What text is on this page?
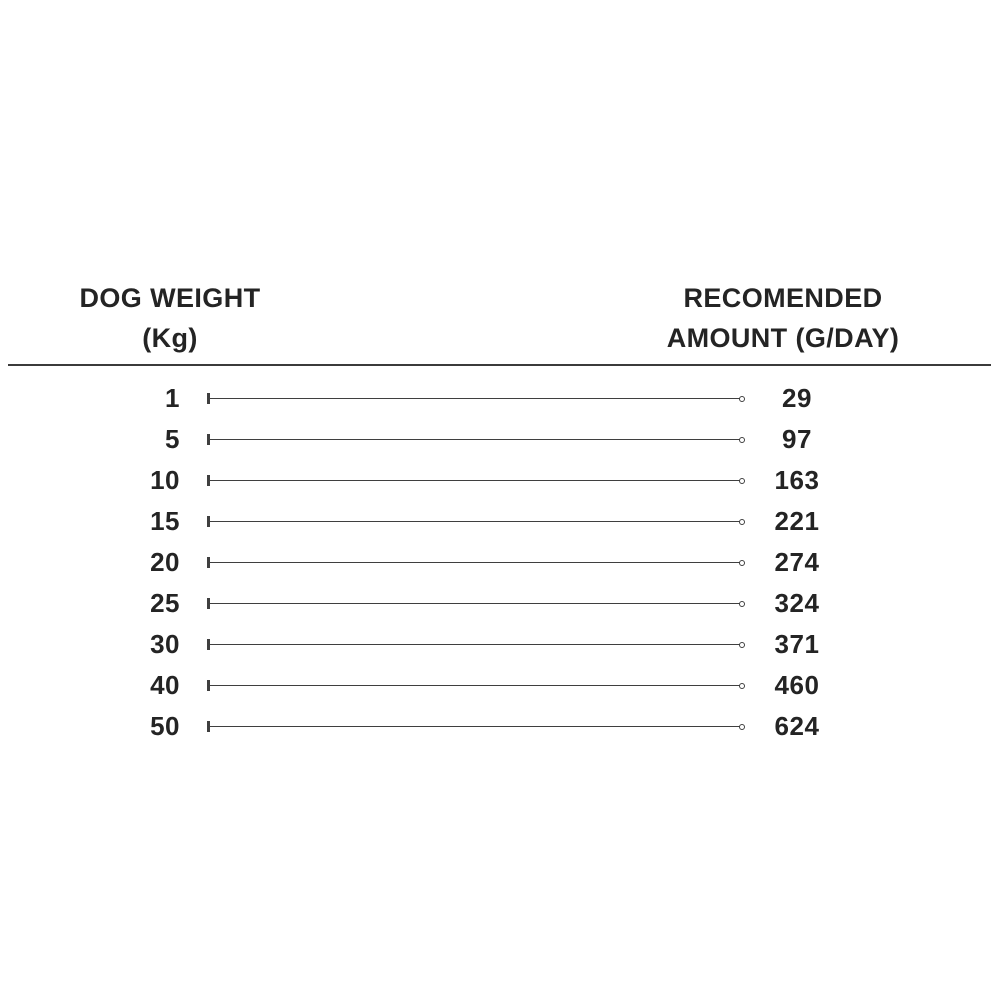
DOG WEIGHT
(Kg)
RECOMENDED
AMOUNT (G/DAY)
1	29
5	97
10	163
15	221
20	274
25	324
30	371
40	460
50	624
